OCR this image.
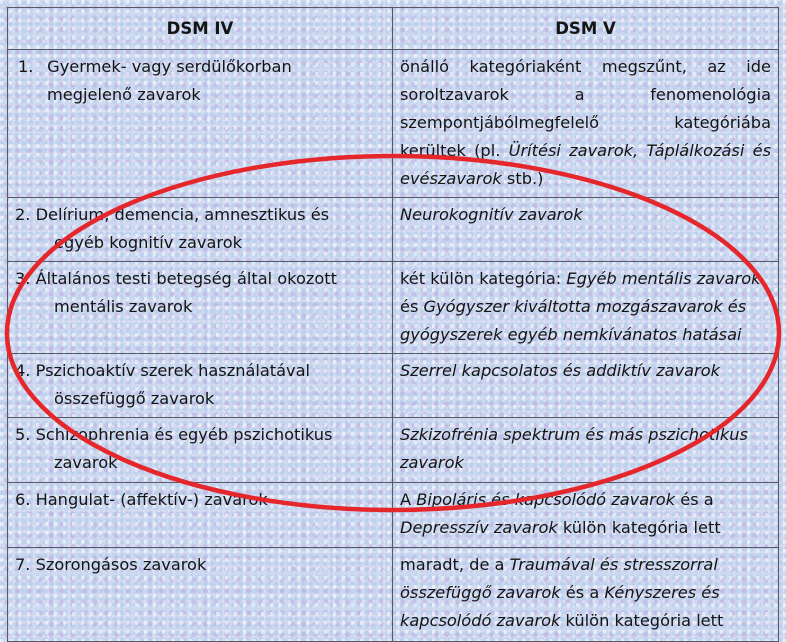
DSM IV	DSM V
1. Gyermek- vagy serdülőkorban
megjelenő zavarok	önálló kategóriaként megszűnt, az ide soroltzavarok a fenomenológia szempontjábólmegfelelő kategóriába kerültek (pl. Ürítési zavarok, Táplálkozási és evészavarok stb.)
2. Delírium, demencia, amnesztikus és
egyéb kognitív zavarok	Neurokognitív zavarok
3. Általános testi betegség által okozott
mentális zavarok	két külön kategória: Egyéb mentális zavarok és Gyógyszer kiváltotta mozgászavarok és gyógyszerek egyéb nemkívánatos hatásai
4. Pszichoaktív szerek használatával
összefüggő zavarok	Szerrel kapcsolatos és addiktív zavarok
5. Schizophrenia és egyéb pszichotikus
zavarok	Szkizofrénia spektrum és más pszichotikus zavarok
6. Hangulat- (affektív-) zavarok	A Bipoláris és kapcsolódó zavarok és a Depresszív zavarok külön kategória lett
7. Szorongásos zavarok	maradt, de a Traumával és stresszorral összefüggő zavarok és a Kényszeres és kapcsolódó zavarok külön kategória lett
